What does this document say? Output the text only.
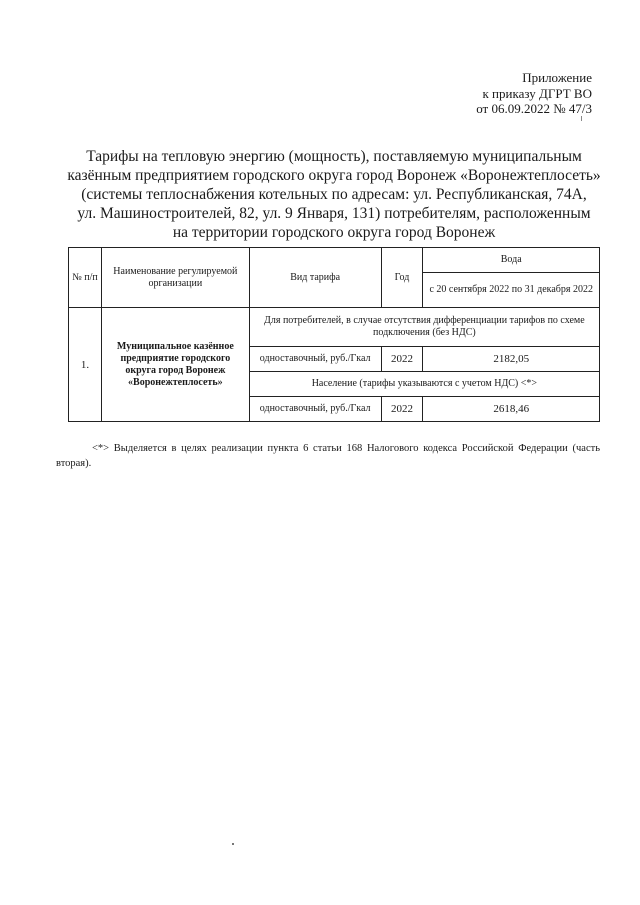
Приложение
к приказу ДГРТ ВО
от 06.09.2022 № 47/3
Тарифы на тепловую энергию (мощность), поставляемую муниципальным
казённым предприятием городского округа город Воронеж «Воронежтеплосеть»
(системы теплоснабжения котельных по адресам: ул. Республиканская, 74А,
ул. Машиностроителей, 82, ул. 9 Января, 131) потребителям, расположенным
на территории городского округа город Воронеж
№ п/п	Наименование регулируемой организации	Вид тарифа	Год	Вода
				с 20 сентября 2022 по 31 декабря 2022
1.	Муниципальное казённое предприятие городского округа город Воронеж «Воронежтеплосеть»	Для потребителей, в случае отсутствия дифференциации тарифов по схеме подключения (без НДС)		
		одноставочный, руб./Гкал	2022	2182,05
		Население (тарифы указываются с учетом НДС) <*>		
		одноставочный, руб./Гкал	2022	2618,46
<*> Выделяется в целях реализации пункта 6 статьи 168 Налогового кодекса Российской Федерации (часть вторая).
